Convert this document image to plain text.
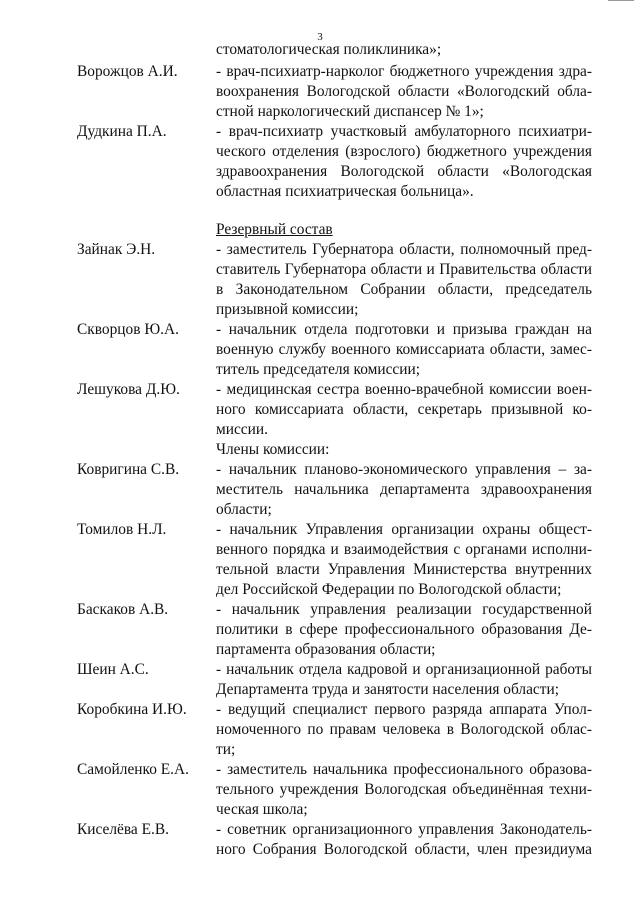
3
стоматологическая поликлиника»;
Ворожцов А.И. - врач-психиатр-нарколог бюджетного учреждения здра-
воохранения Вологодской области «Вологодский обла-
стной наркологический диспансер № 1»;
Дудкина П.А.	- врач-психиатр участковый амбулаторного психиатри-
ческого отделения (взрослого) бюджетного учреждения
здравоохранения Вологодской области «Вологодская
областная психиатрическая больница».
Резервный состав
Зайнак Э.Н.	- заместитель Губернатора области, полномочный пред-
ставитель Губернатора области и Правительства области
в Законодательном Собрании области, председатель
призывной комиссии;
Скворцов Ю.А. - начальник отдела подготовки и призыва граждан на
военную службу военного комиссариата области, замес-
титель председателя комиссии;
Лешукова Д.Ю. - медицинская сестра военно-врачебной комиссии воен-
ного комиссариата области, секретарь призывной ко-
миссии.
Члены комиссии:
Ковригина С.В. - начальник планово-экономического управления – за-
меститель начальника департамента здравоохранения
области;
Томилов Н.Л.	- начальник Управления организации охраны общест-
венного порядка и взаимодействия с органами исполни-
тельной власти Управления Министерства внутренних
дел Российской Федерации по Вологодской области;
Баскаков А.В.	- начальник управления реализации государственной
политики в сфере профессионального образования Де-
партамента образования области;
Шеин А.С.	- начальник отдела кадровой и организационной работы
Департамента труда и занятости населения области;
Коробкина И.Ю. - ведущий специалист первого разряда аппарата Упол-
номоченного по правам человека в Вологодской облас-
ти;
Самойленко Е.А. - заместитель начальника профессионального образова-
тельного учреждения Вологодская объединённая техни-
ческая школа;
Киселёва Е.В.	- советник организационного управления Законодатель-
ного Собрания Вологодской области, член президиума
